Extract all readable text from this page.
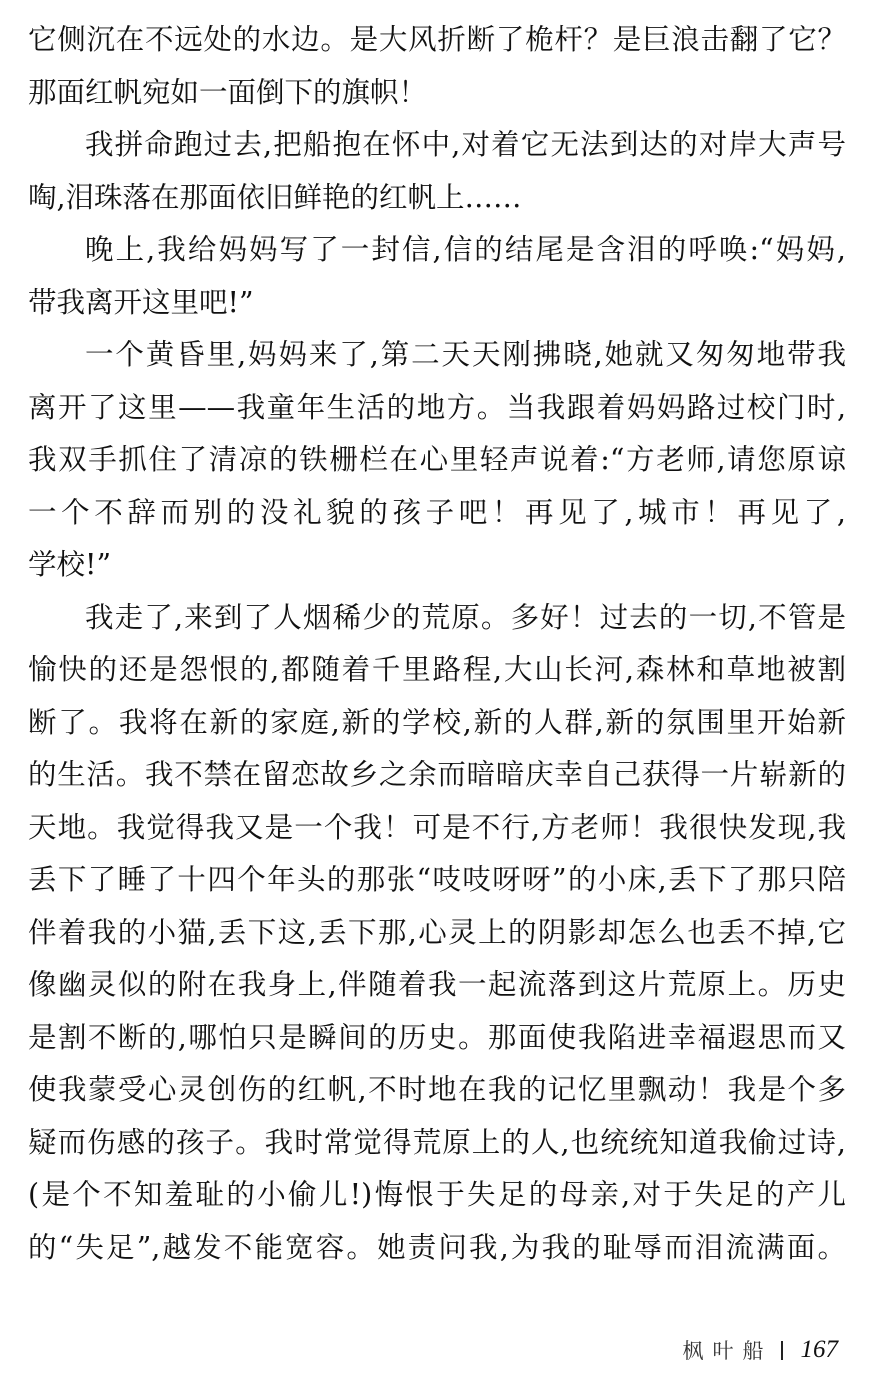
它侧沉在不远处的水边。是大风折断了桅杆？是巨浪击翻了它？
那面红帆宛如一面倒下的旗帜！
我拼命跑过去,把船抱在怀中,对着它无法到达的对岸大声号
啕,泪珠落在那面依旧鲜艳的红帆上……
晚上,我给妈妈写了一封信,信的结尾是含泪的呼唤:“妈妈,
带我离开这里吧!”
一个黄昏里,妈妈来了,第二天天刚拂晓,她就又匆匆地带我
离开了这里——我童年生活的地方。当我跟着妈妈路过校门时,
我双手抓住了清凉的铁栅栏在心里轻声说着:“方老师,请您原谅
一个不辞而别的没礼貌的孩子吧！再见了,城市！再见了,
学校!”
我走了,来到了人烟稀少的荒原。多好！过去的一切,不管是
愉快的还是怨恨的,都随着千里路程,大山长河,森林和草地被割
断了。我将在新的家庭,新的学校,新的人群,新的氛围里开始新
的生活。我不禁在留恋故乡之余而暗暗庆幸自己获得一片崭新的
天地。我觉得我又是一个我！可是不行,方老师！我很快发现,我
丢下了睡了十四个年头的那张“吱吱呀呀”的小床,丢下了那只陪
伴着我的小猫,丢下这,丢下那,心灵上的阴影却怎么也丢不掉,它
像幽灵似的附在我身上,伴随着我一起流落到这片荒原上。历史
是割不断的,哪怕只是瞬间的历史。那面使我陷进幸福遐思而又
使我蒙受心灵创伤的红帆,不时地在我的记忆里飘动！我是个多
疑而伤感的孩子。我时常觉得荒原上的人,也统统知道我偷过诗,
(是个不知羞耻的小偷儿!)悔恨于失足的母亲,对于失足的产儿
的“失足”,越发不能宽容。她责问我,为我的耻辱而泪流满面。
枫叶船 167
